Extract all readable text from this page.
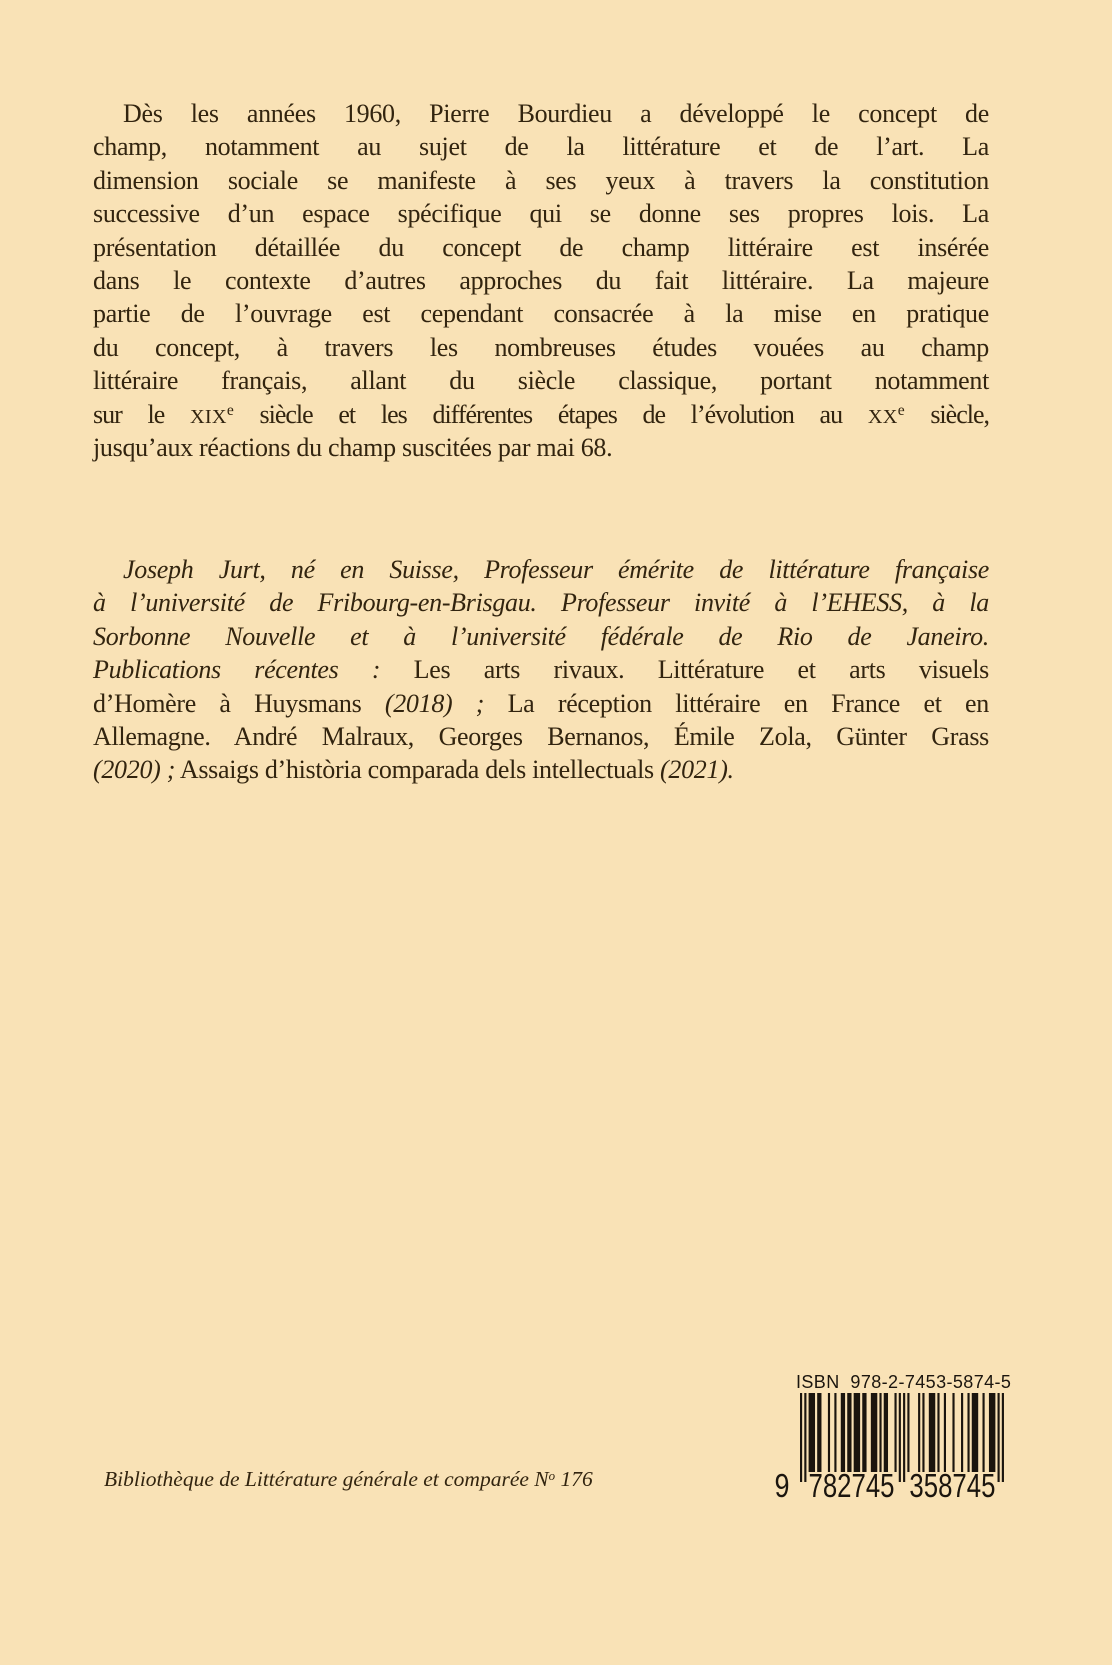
Dès les années 1960, Pierre Bourdieu a développé le concept de
champ, notamment au sujet de la littérature et de l’art. La
dimension sociale se manifeste à ses yeux à travers la constitution
successive d’un espace spécifique qui se donne ses propres lois. La
présentation détaillée du concept de champ littéraire est insérée
dans le contexte d’autres approches du fait littéraire. La majeure
partie de l’ouvrage est cependant consacrée à la mise en pratique
du concept, à travers les nombreuses études vouées au champ
littéraire français, allant du siècle classique, portant notamment
sur le XIXe siècle et les différentes étapes de l’évolution au XXe siècle,
jusqu’aux réactions du champ suscitées par mai 68.
Joseph Jurt, né en Suisse, Professeur émérite de littérature française
à l’université de Fribourg-en-Brisgau. Professeur invité à l’EHESS, à la
Sorbonne Nouvelle et à l’université fédérale de Rio de Janeiro.
Publications récentes : Les arts rivaux. Littérature et arts visuels
d’Homère à Huysmans (2018) ; La réception littéraire en France et en
Allemagne. André Malraux, Georges Bernanos, Émile Zola, Günter Grass
(2020) ; Assaigs d’història comparada dels intellectuals (2021).
Bibliothèque de Littérature générale et comparée $N^o$ 176
ISBN  978-2-7453-5874-5
9 782745 358745
